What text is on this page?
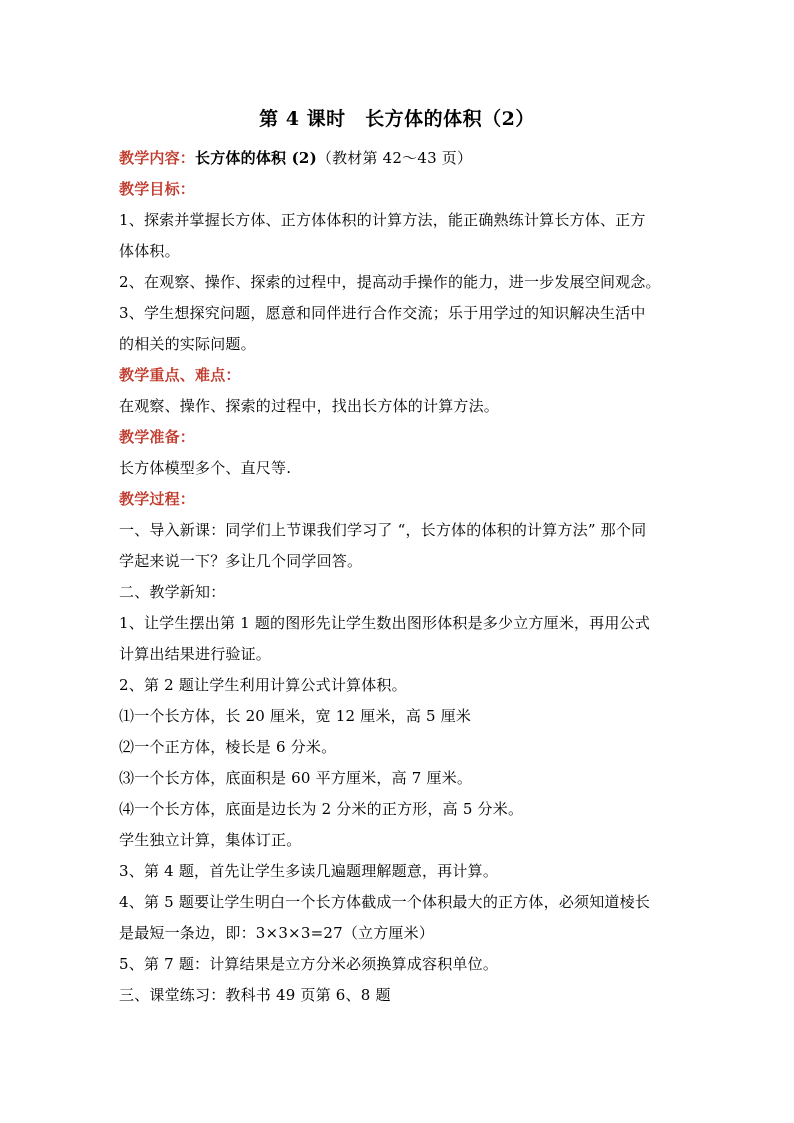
第 4 课时　长方体的体积（2）
教学内容：长方体的体积 (2)（教材第 42～43 页）
教学目标：
1、探索并掌握长方体、正方体体积的计算方法，能正确熟练计算长方体、正方
体体积。
2、在观察、操作、探索的过程中，提高动手操作的能力，进一步发展空间观念。
3、学生想探究问题，愿意和同伴进行合作交流；乐于用学过的知识解决生活中
的相关的实际问题。
教学重点、难点：
在观察、操作、探索的过程中，找出长方体的计算方法。
教学准备：
长方体模型多个、直尺等.
教学过程：
一、导入新课：同学们上节课我们学习了 “，长方体的体积的计算方法” 那个同
学起来说一下？多让几个同学回答。
二、教学新知：
1、让学生摆出第 1 题的图形先让学生数出图形体积是多少立方厘米，再用公式
计算出结果进行验证。
2、第 2 题让学生利用计算公式计算体积。
⑴一个长方体，长 20 厘米，宽 12 厘米，高 5 厘米
⑵一个正方体，棱长是 6 分米。
⑶一个长方体，底面积是 60 平方厘米，高 7 厘米。
⑷一个长方体，底面是边长为 2 分米的正方形，高 5 分米。
学生独立计算，集体订正。
3、第 4 题，首先让学生多读几遍题理解题意，再计算。
4、第 5 题要让学生明白一个长方体截成一个体积最大的正方体，必须知道棱长
是最短一条边，即：3×3×3=27（立方厘米）
5、第 7 题：计算结果是立方分米必须换算成容积单位。
三、课堂练习：教科书 49 页第 6、8 题
